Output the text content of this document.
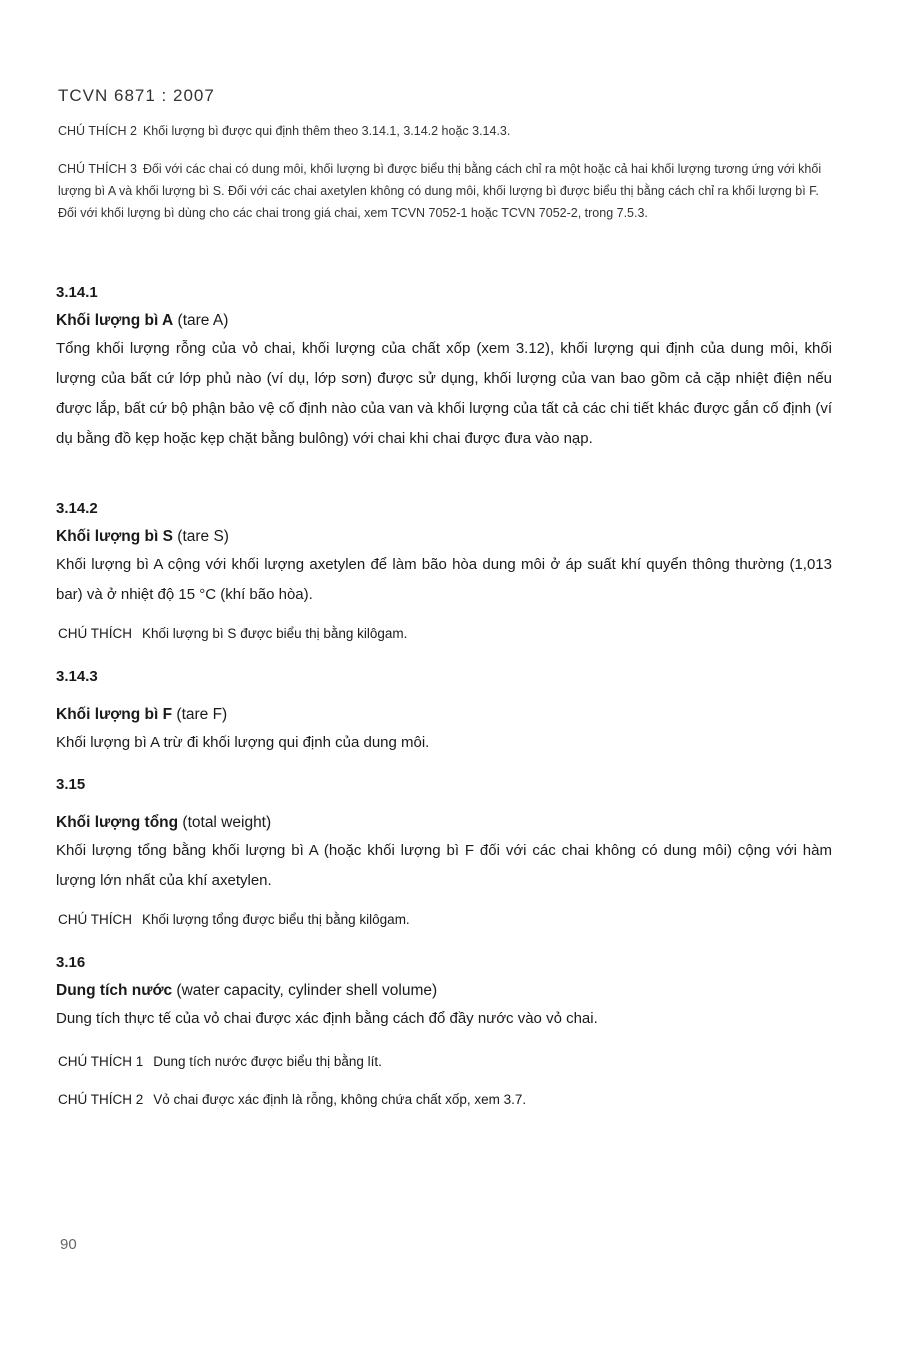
TCVN 6871 : 2007
CHÚ THÍCH 2 Khối lượng bì được qui định thêm theo 3.14.1, 3.14.2 hoặc 3.14.3.
CHÚ THÍCH 3 Đối với các chai có dung môi, khối lượng bì được biểu thị bằng cách chỉ ra một hoặc cả hai khối lượng tương ứng với khối lượng bì A và khối lượng bì S. Đối với các chai axetylen không có dung môi, khối lượng bì được biểu thị bằng cách chỉ ra khối lượng bì F. Đối với khối lượng bì dùng cho các chai trong giá chai, xem TCVN 7052-1 hoặc TCVN 7052-2, trong 7.5.3.
3.14.1
Khối lượng bì A (tare A)
Tổng khối lượng rỗng của vỏ chai, khối lượng của chất xốp (xem 3.12), khối lượng qui định của dung môi, khối lượng của bất cứ lớp phủ nào (ví dụ, lớp sơn) được sử dụng, khối lượng của van bao gồm cả cặp nhiệt điện nếu được lắp, bất cứ bộ phận bảo vệ cố định nào của van và khối lượng của tất cả các chi tiết khác được gắn cố định (ví dụ bằng đồ kẹp hoặc kẹp chặt bằng bulông) với chai khi chai được đưa vào nạp.
3.14.2
Khối lượng bì S (tare S)
Khối lượng bì A cộng với khối lượng axetylen để làm bão hòa dung môi ở áp suất khí quyển thông thường (1,013 bar) và ở nhiệt độ 15 °C (khí bão hòa).
CHÚ THÍCH Khối lượng bì S được biểu thị bằng kilôgam.
3.14.3
Khối lượng bì F (tare F)
Khối lượng bì A trừ đi khối lượng qui định của dung môi.
3.15
Khối lượng tổng (total weight)
Khối lượng tổng bằng khối lượng bì A (hoặc khối lượng bì F đối với các chai không có dung môi) cộng với hàm lượng lớn nhất của khí axetylen.
CHÚ THÍCH Khối lượng tổng được biểu thị bằng kilôgam.
3.16
Dung tích nước (water capacity, cylinder shell volume)
Dung tích thực tế của vỏ chai được xác định bằng cách đổ đầy nước vào vỏ chai.
CHÚ THÍCH 1 Dung tích nước được biểu thị bằng lít.
CHÚ THÍCH 2 Vỏ chai được xác định là rỗng, không chứa chất xốp, xem 3.7.
90
